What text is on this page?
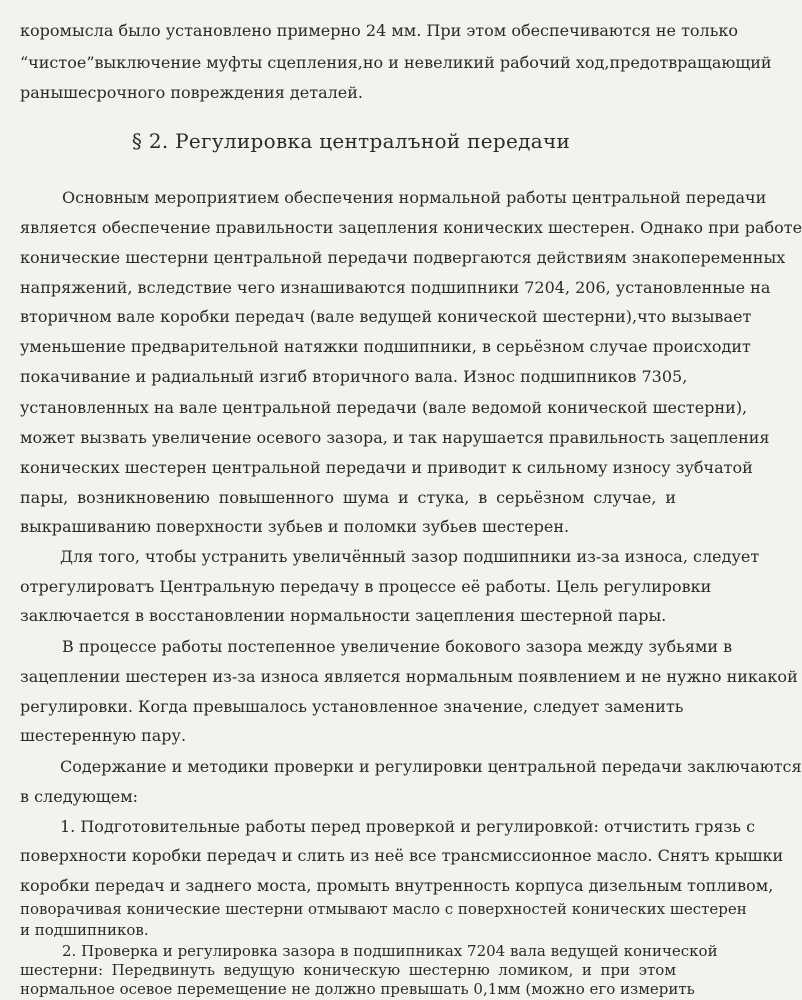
коромысла было установлено примерно 24 мм. При этом обеспечиваются не только
“чистое”выключение муфты сцепления,но и невеликий рабочий ход,предотвращающий
ранышесрочного повреждения деталей.
§ 2. Регулировка централъной передачи
Основным мероприятием обеспечения нормальной работы центральной передачи
является обеспечение правильности зацепления конических шестерен. Однако при работе
конические шестерни центральной передачи подвергаются действиям знакопеременных
напряжений, вследствие чего изнашиваются подшипники 7204, 206, установленные на
вторичном вале коробки передач (вале ведущей конической шестерни),что вызывает
уменьшение предварительной натяжки подшипники, в серьёзном случае происходит
покачивание и радиальный изгиб вторичного вала. Износ подшипников 7305,
установленных на вале центральной передачи (вале ведомой конической шестерни),
может вызвать увеличение осевого зазора, и так нарушается правильность зацепления
конических шестерен центральной передачи и приводит к сильному износу зубчатой
пары, возникновению повышенного шума и стука, в серьёзном случае, и
выкрашиванию поверхности зубьев и поломки зубьев шестерен.
Для того, чтобы устранить увеличённый зазор подшипники из-за износа, следует
отрегулироватъ Центральную передачу в процессе её работы. Цель регулировки
заключается в восстановлении нормальности зацепления шестерной пары.
В процессе работы постепенное увеличение бокового зазора между зубьями в
зацеплении шестерен из-за износа является нормальным появлением и не нужно никакой
регулировки. Когда превышалось установленное значение, следует заменить
шестеренную пару.
Содержание и методики проверки и регулировки центральной передачи заключаются
в следующем:
1. Подготовительные работы перед проверкой и регулировкой: отчистить грязь с
поверхности коробки передач и слить из неё все трансмиссионное масло. Снятъ крышки
коробки передач и заднего моста, промыть внутренность корпуса дизельным топливом,
поворачивая конические шестерни отмывают масло с поверхностей конических шестерен
и подшипников.
2. Проверка и регулировка зазора в подшипниках 7204 вала ведущей конической
шестерни: Передвинуть ведущую коническую шестерню ломиком, и при этом
нормальное осевое перемещение не должно превышать 0,1мм (можно его измерить
